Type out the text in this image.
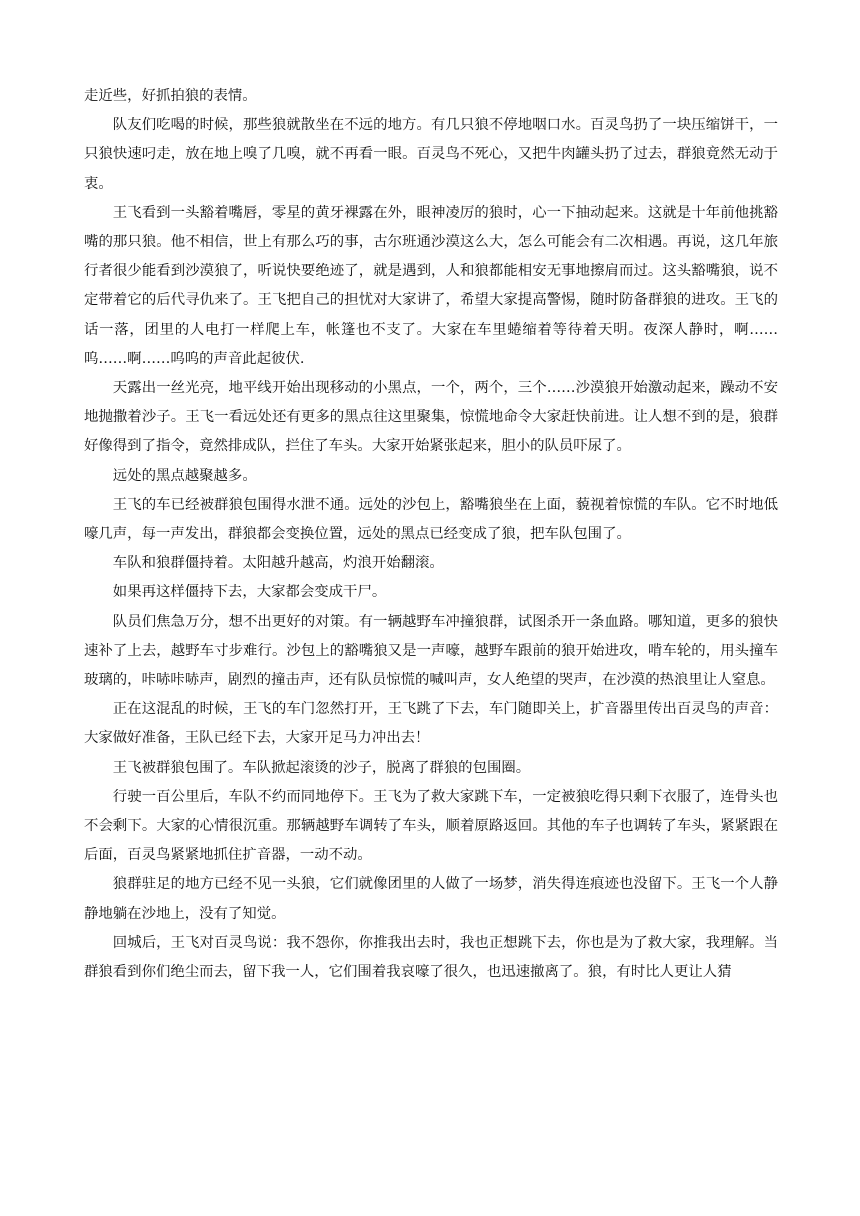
走近些，好抓拍狼的表情。

队友们吃喝的时候，那些狼就散坐在不远的地方。有几只狼不停地咽口水。百灵鸟扔了一块压缩饼干，一只狼快速叼走，放在地上嗅了几嗅，就不再看一眼。百灵鸟不死心，又把牛肉罐头扔了过去，群狼竟然无动于衷。

王飞看到一头豁着嘴唇，零星的黄牙裸露在外，眼神凌厉的狼时，心一下抽动起来。这就是十年前他挑豁嘴的那只狼。他不相信，世上有那么巧的事，古尔班通沙漠这么大，怎么可能会有二次相遇。再说，这几年旅行者很少能看到沙漠狼了，听说快要绝迹了，就是遇到，人和狼都能相安无事地擦肩而过。这头豁嘴狼，说不定带着它的后代寻仇来了。王飞把自己的担忧对大家讲了，希望大家提高警惕，随时防备群狼的进攻。王飞的话一落，团里的人电打一样爬上车，帐篷也不支了。大家在车里蜷缩着等待着天明。夜深人静时，啊……呜……啊……呜呜的声音此起彼伏.

天露出一丝光亮，地平线开始出现移动的小黑点，一个，两个，三个……沙漠狼开始激动起来，躁动不安地抛撒着沙子。王飞一看远处还有更多的黑点往这里聚集，惊慌地命令大家赶快前进。让人想不到的是，狼群好像得到了指令，竟然排成队，拦住了车头。大家开始紧张起来，胆小的队员吓尿了。

远处的黑点越聚越多。

王飞的车已经被群狼包围得水泄不通。远处的沙包上，豁嘴狼坐在上面，藐视着惊慌的车队。它不时地低嚎几声，每一声发出，群狼都会变换位置，远处的黑点已经变成了狼，把车队包围了。

车队和狼群僵持着。太阳越升越高，灼浪开始翻滚。

如果再这样僵持下去，大家都会变成干尸。

队员们焦急万分，想不出更好的对策。有一辆越野车冲撞狼群，试图杀开一条血路。哪知道，更多的狼快速补了上去，越野车寸步难行。沙包上的豁嘴狼又是一声嚎，越野车跟前的狼开始进攻，啃车轮的，用头撞车玻璃的，咔哧咔哧声，剧烈的撞击声，还有队员惊慌的喊叫声，女人绝望的哭声，在沙漠的热浪里让人窒息。

正在这混乱的时候，王飞的车门忽然打开，王飞跳了下去，车门随即关上，扩音器里传出百灵鸟的声音：大家做好准备，王队已经下去，大家开足马力冲出去！

王飞被群狼包围了。车队掀起滚烫的沙子，脱离了群狼的包围圈。

行驶一百公里后，车队不约而同地停下。王飞为了救大家跳下车，一定被狼吃得只剩下衣服了，连骨头也不会剩下。大家的心情很沉重。那辆越野车调转了车头，顺着原路返回。其他的车子也调转了车头，紧紧跟在后面，百灵鸟紧紧地抓住扩音器，一动不动。

狼群驻足的地方已经不见一头狼，它们就像团里的人做了一场梦，消失得连痕迹也没留下。王飞一个人静静地躺在沙地上，没有了知觉。

回城后，王飞对百灵鸟说：我不怨你，你推我出去时，我也正想跳下去，你也是为了救大家，我理解。当群狼看到你们绝尘而去，留下我一人，它们围着我哀嚎了很久，也迅速撤离了。狼，有时比人更让人猜
